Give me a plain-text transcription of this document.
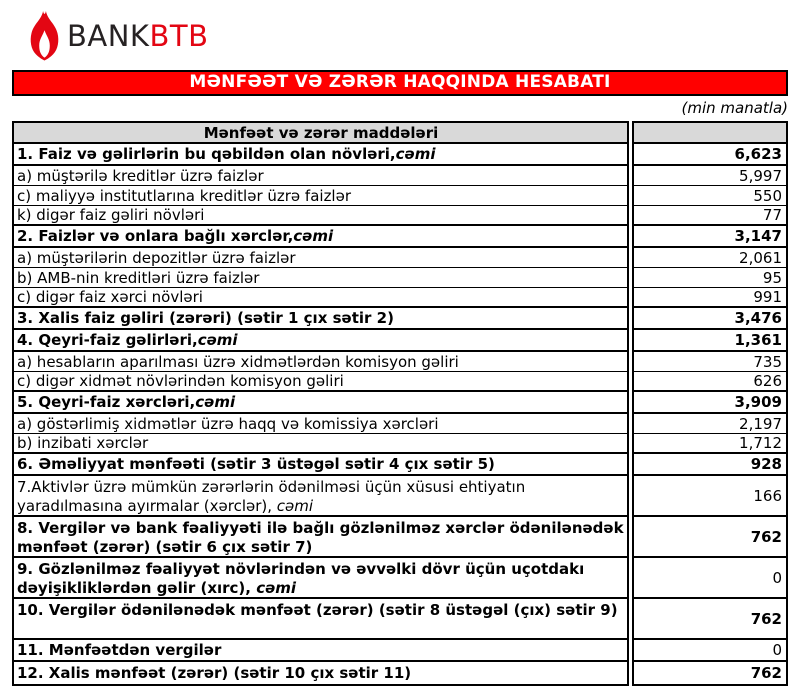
BANKBTB
MƏNFƏƏT VƏ ZƏRƏR HAQQINDA HESABATI
(min manatla)
Mənfəət və zərər maddələri
1. Faiz və gəlirlərin bu qəbildən olan növləri, cəmi
a) müştərilə kreditlər üzrə faizlər
c) maliyyə institutlarına kreditlər üzrə faizlər
k) digər faiz gəliri növləri
2. Faizlər və onlara bağlı xərclər, cəmi
a) müştərilərin depozitlər üzrə faizlər
b) AMB-nin kreditləri üzrə faizlər
c) digər faiz xərci növləri
3. Xalis faiz gəliri (zərəri) (sətir 1 çıx sətir 2)
4. Qeyri-faiz gəlirləri, cəmi
a) hesabların aparılması üzrə xidmətlərdən komisyon gəliri
c) digər xidmət növlərindən komisyon gəliri
5. Qeyri-faiz xərcləri, cəmi
a) göstərlimiş xidmətlər üzrə haqq və komissiya xərcləri
b) inzibati xərclər
6. Əməliyyat mənfəəti (sətir 3 üstəgəl sətir 4 çıx sətir 5)
7.Aktivlər üzrə mümkün zərərlərin ödənilməsi üçün xüsusi ehtiyatın yaradılmasına ayırmalar (xərclər), cəmi
8. Vergilər və bank fəaliyyəti ilə bağlı gözlənilməz xərclər ödənilənədək mənfəət (zərər) (sətir 6 çıx sətir 7)
9. Gözlənilməz fəaliyyət növlərindən və əvvəlki dövr üçün uçotdakı dəyişikliklərdən gəlir (xırc), cəmi
10. Vergilər ödənilənədək mənfəət (zərər) (sətir 8 üstəgəl (çıx) sətir 9)
11. Mənfəətdən vergilər
12. Xalis mənfəət (zərər) (sətir 10 çıx sətir 11)
6,623
5,997
550
77
3,147
2,061
95
991
3,476
1,361
735
626
3,909
2,197
1,712
928
166
762
0
762
0
762
